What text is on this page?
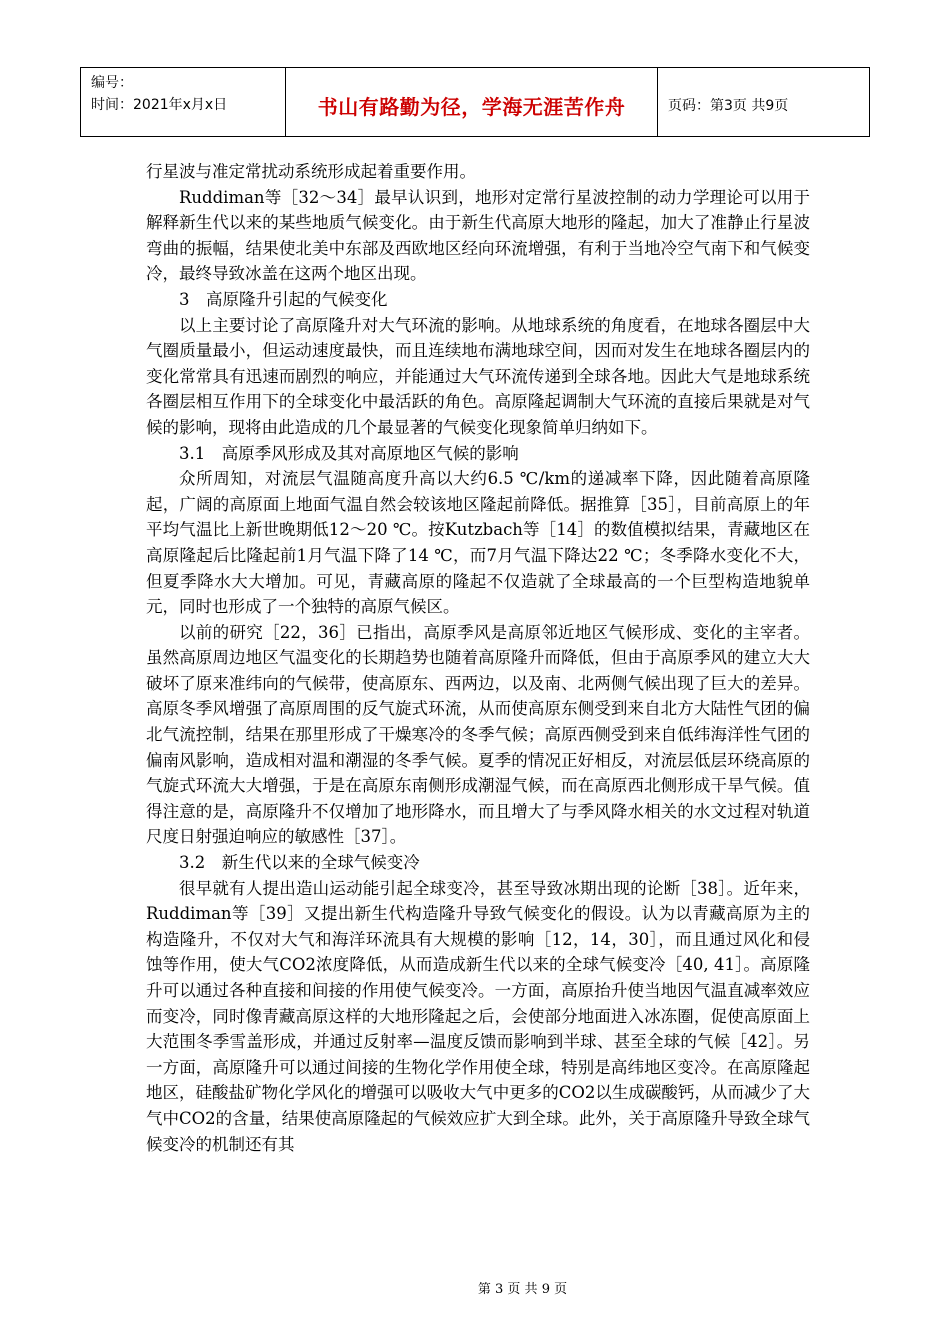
编号：
时间：2021年x月x日	书山有路勤为径，学海无涯苦作舟	页码：第3页 共9页

行星波与准定常扰动系统形成起着重要作用。

Ruddiman等［32～34］最早认识到，地形对定常行星波控制的动力学理论可以用于解释新生代以来的某些地质气候变化。由于新生代高原大地形的隆起，加大了准静止行星波弯曲的振幅，结果使北美中东部及西欧地区经向环流增强，有利于当地冷空气南下和气候变冷，最终导致冰盖在这两个地区出现。

3　高原隆升引起的气候变化

以上主要讨论了高原隆升对大气环流的影响。从地球系统的角度看，在地球各圈层中大气圈质量最小，但运动速度最快，而且连续地布满地球空间，因而对发生在地球各圈层内的变化常常具有迅速而剧烈的响应，并能通过大气环流传递到全球各地。因此大气是地球系统各圈层相互作用下的全球变化中最活跃的角色。高原隆起调制大气环流的直接后果就是对气候的影响，现将由此造成的几个最显著的气候变化现象简单归纳如下。

3.1　高原季风形成及其对高原地区气候的影响

众所周知，对流层气温随高度升高以大约6.5 ℃/km的递减率下降，因此随着高原隆起，广阔的高原面上地面气温自然会较该地区隆起前降低。据推算［35］，目前高原上的年平均气温比上新世晚期低12～20 ℃。按Kutzbach等［14］的数值模拟结果，青藏地区在高原隆起后比隆起前1月气温下降了14 ℃，而7月气温下降达22 ℃；冬季降水变化不大，但夏季降水大大增加。可见，青藏高原的隆起不仅造就了全球最高的一个巨型构造地貌单元，同时也形成了一个独特的高原气候区。

以前的研究［22，36］已指出，高原季风是高原邻近地区气候形成、变化的主宰者。虽然高原周边地区气温变化的长期趋势也随着高原隆升而降低，但由于高原季风的建立大大破坏了原来准纬向的气候带，使高原东、西两边，以及南、北两侧气候出现了巨大的差异。高原冬季风增强了高原周围的反气旋式环流，从而使高原东侧受到来自北方大陆性气团的偏北气流控制，结果在那里形成了干燥寒冷的冬季气候；高原西侧受到来自低纬海洋性气团的偏南风影响，造成相对温和潮湿的冬季气候。夏季的情况正好相反，对流层低层环绕高原的气旋式环流大大增强，于是在高原东南侧形成潮湿气候，而在高原西北侧形成干旱气候。值得注意的是，高原隆升不仅增加了地形降水，而且增大了与季风降水相关的水文过程对轨道尺度日射强迫响应的敏感性［37］。

3.2　新生代以来的全球气候变冷

很早就有人提出造山运动能引起全球变冷，甚至导致冰期出现的论断［38］。近年来，Ruddiman等［39］又提出新生代构造隆升导致气候变化的假设。认为以青藏高原为主的构造隆升，不仅对大气和海洋环流具有大规模的影响［12，14，30］，而且通过风化和侵蚀等作用，使大气CO2浓度降低，从而造成新生代以来的全球气候变冷［40, 41］。高原隆升可以通过各种直接和间接的作用使气候变冷。一方面，高原抬升使当地因气温直减率效应而变冷，同时像青藏高原这样的大地形隆起之后，会使部分地面进入冰冻圈，促使高原面上大范围冬季雪盖形成，并通过反射率—温度反馈而影响到半球、甚至全球的气候［42］。另一方面，高原隆升可以通过间接的生物化学作用使全球，特别是高纬地区变冷。在高原隆起地区，硅酸盐矿物化学风化的增强可以吸收大气中更多的CO2以生成碳酸钙，从而减少了大气中CO2的含量，结果使高原隆起的气候效应扩大到全球。此外，关于高原隆升导致全球气候变冷的机制还有其

第 3 页 共 9 页
